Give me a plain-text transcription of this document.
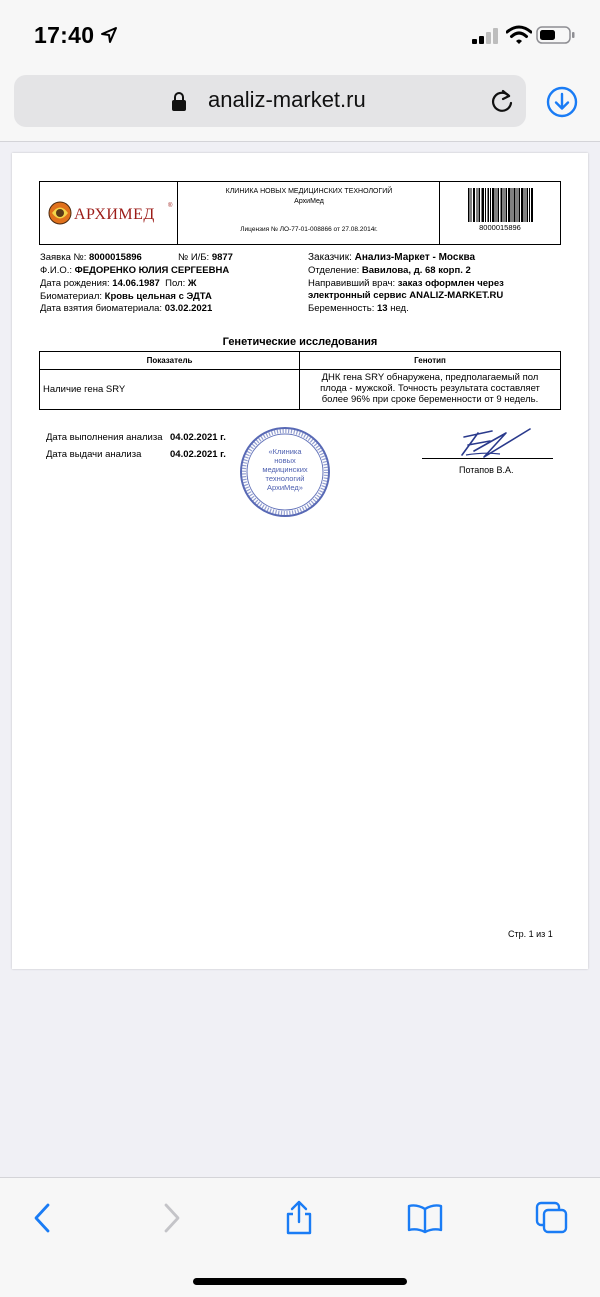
17:40
analiz-market.ru
АРХИМЕД ®
КЛИНИКА НОВЫХ МЕДИЦИНСКИХ ТЕХНОЛОГИЙ
АрхиМед
Лицензия № ЛО-77-01-008866 от 27.08.2014г.	8000015896
Заявка №: 8000015896	№ И/Б: 9877
Ф.И.О.: ФЕДОРЕНКО ЮЛИЯ СЕРГЕЕВНА
Дата рождения: 14.06.1987 Пол: Ж
Биоматериал: Кровь цельная с ЭДТА
Дата взятия биоматериала: 03.02.2021
Заказчик: Анализ-Маркет - Москва
Отделение: Вавилова, д. 68 корп. 2
Направивший врач: заказ оформлен через
электронный сервис ANALIZ-MARKET.RU
Беременность: 13 нед.
Генетические исследования
Показатель	Генотип
Наличие гена SRY
ДНК гена SRY обнаружена, предполагаемый пол
плода - мужской. Точность результата составляет
более 96% при сроке беременности от 9 недель.
Дата выполнения анализа 04.02.2021 г.
Дата выдачи анализа	04.02.2021 г.	«Клиника
новых
медицинских
технологий
АрхиМед»
Потапов В.А.
Стр. 1 из 1
